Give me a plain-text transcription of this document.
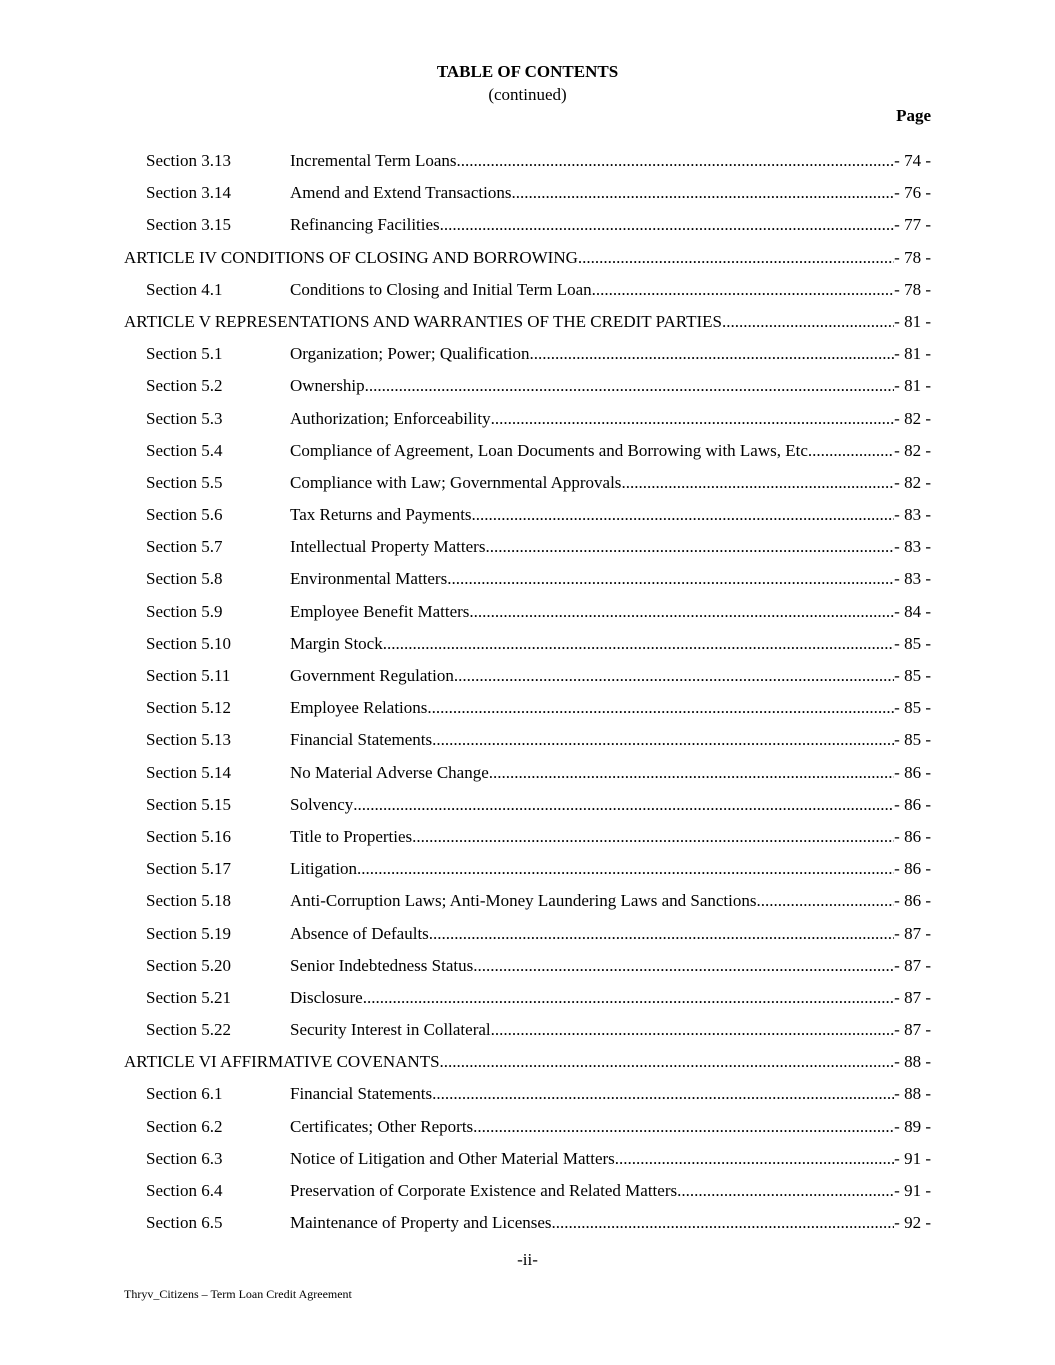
TABLE OF CONTENTS
(continued)
Page
Section 3.13	Incremental Term Loans .....	- 74 -
Section 3.14	Amend and Extend Transactions .....	- 76 -
Section 3.15	Refinancing Facilities .....	- 77 -
ARTICLE IV CONDITIONS OF CLOSING AND BORROWING .....	- 78 -
Section 4.1	Conditions to Closing and Initial Term Loan .....	- 78 -
ARTICLE V REPRESENTATIONS AND WARRANTIES OF THE CREDIT PARTIES .....	- 81 -
Section 5.1	Organization; Power; Qualification .....	- 81 -
Section 5.2	Ownership .....	- 81 -
Section 5.3	Authorization; Enforceability .....	- 82 -
Section 5.4	Compliance of Agreement, Loan Documents and Borrowing with Laws, Etc .....	- 82 -
Section 5.5	Compliance with Law; Governmental Approvals .....	- 82 -
Section 5.6	Tax Returns and Payments .....	- 83 -
Section 5.7	Intellectual Property Matters .....	- 83 -
Section 5.8	Environmental Matters .....	- 83 -
Section 5.9	Employee Benefit Matters .....	- 84 -
Section 5.10	Margin Stock .....	- 85 -
Section 5.11	Government Regulation .....	- 85 -
Section 5.12	Employee Relations .....	- 85 -
Section 5.13	Financial Statements .....	- 85 -
Section 5.14	No Material Adverse Change .....	- 86 -
Section 5.15	Solvency .....	- 86 -
Section 5.16	Title to Properties .....	- 86 -
Section 5.17	Litigation .....	- 86 -
Section 5.18	Anti-Corruption Laws; Anti-Money Laundering Laws and Sanctions .....	- 86 -
Section 5.19	Absence of Defaults .....	- 87 -
Section 5.20	Senior Indebtedness Status .....	- 87 -
Section 5.21	Disclosure .....	- 87 -
Section 5.22	Security Interest in Collateral .....	- 87 -
ARTICLE VI AFFIRMATIVE COVENANTS .....	- 88 -
Section 6.1	Financial Statements .....	- 88 -
Section 6.2	Certificates; Other Reports .....	- 89 -
Section 6.3	Notice of Litigation and Other Material Matters .....	- 91 -
Section 6.4	Preservation of Corporate Existence and Related Matters .....	- 91 -
Section 6.5	Maintenance of Property and Licenses .....	- 92 -
-ii-
Thryv_Citizens – Term Loan Credit Agreement
